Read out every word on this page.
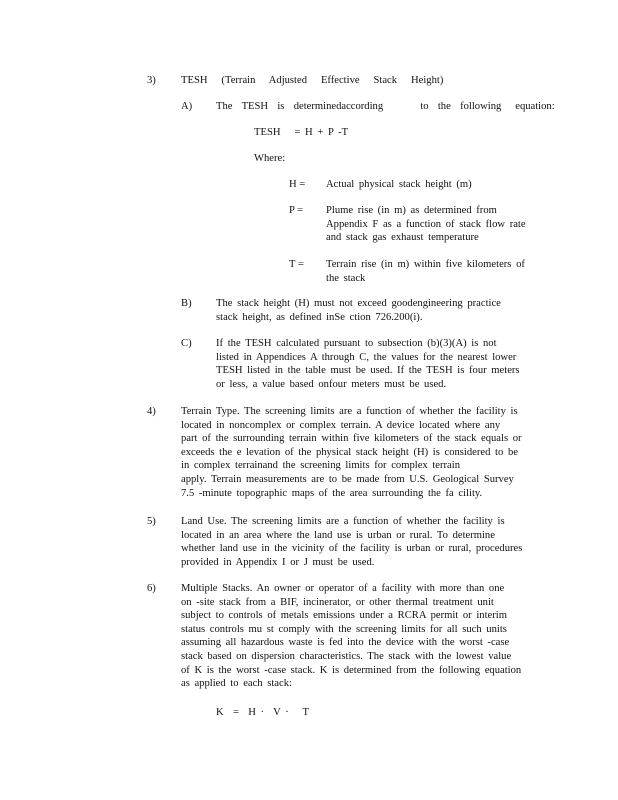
3) TESH   (Terrain   Adjusted   Effective   Stack   Height)
A) The  TESH  is  determinedaccording        to  the  following   equation:
TESH   = H + P -T
Where:
H = Actual physical stack height (m)
P = Plume rise (in m) as determined from
Appendix F as a function of stack flow rate
and stack gas exhaust temperature
T = Terrain rise (in m) within five kilometers of
the stack
B) The stack height (H) must not exceed goodengineering practice
stack height, as defined inSe ction 726.200(i).
C) If the TESH calculated pursuant to subsection (b)(3)(A) is not
listed in Appendices A through C, the values for the nearest lower
TESH listed in the table must be used. If the TESH is four meters
or less, a value based onfour meters must be used.
4) Terrain Type. The screening limits are a function of whether the facility is
located in noncomplex or complex terrain. A device located where any
part of the surrounding terrain within five kilometers of the stack equals or
exceeds the e levation of the physical stack height (H) is considered to be
in complex terrainand the screening limits for complex terrain
apply. Terrain measurements are to be made from U.S. Geological Survey
7.5 -minute topographic maps of the area surrounding the fa cility.
5) Land Use. The screening limits are a function of whether the facility is
located in an area where the land use is urban or rural. To determine
whether land use in the vicinity of the facility is urban or rural, procedures
provided in Appendix I or J must be used.
6) Multiple Stacks. An owner or operator of a facility with more than one
on -site stack from a BIF, incinerator, or other thermal treatment unit
subject to controls of metals emissions under a RCRA permit or interim
status controls mu st comply with the screening limits for all such units
assuming all hazardous waste is fed into the device with the worst -case
stack based on dispersion characteristics. The stack with the lowest value
of K is the worst -case stack. K is determined from the following equation
as applied to each stack:
K  =  H ·  V ·   T
